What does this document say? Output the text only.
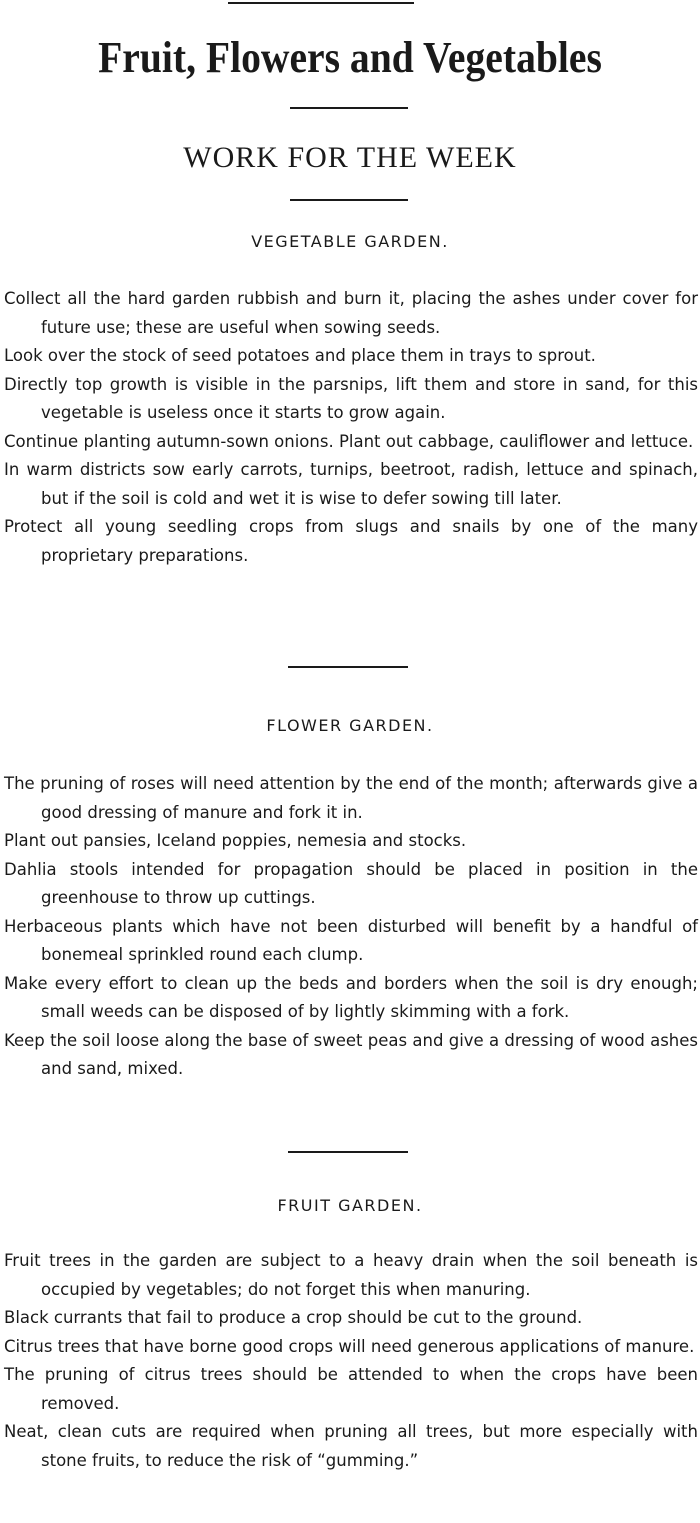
Fruit, Flowers and Vegetables
WORK FOR THE WEEK
VEGETABLE GARDEN.

Collect all the hard garden rubbish and burn it, placing the ashes under cover for future use; these are useful when sowing seeds.

Look over the stock of seed potatoes and place them in trays to sprout.

Directly top growth is visible in the parsnips, lift them and store in sand, for this vegetable is useless once it starts to grow again.

Continue planting autumn-sown onions. Plant out cabbage, cauliflower and lettuce.

In warm districts sow early carrots, turnips, beetroot, radish, lettuce and spinach, but if the soil is cold and wet it is wise to defer sowing till later.

Protect all young seedling crops from slugs and snails by one of the many proprietary preparations.

FLOWER GARDEN.

The pruning of roses will need attention by the end of the month; afterwards give a good dressing of manure and fork it in.

Plant out pansies, Iceland poppies, nemesia and stocks.

Dahlia stools intended for propagation should be placed in position in the greenhouse to throw up cuttings.

Herbaceous plants which have not been disturbed will benefit by a handful of bonemeal sprinkled round each clump.

Make every effort to clean up the beds and borders when the soil is dry enough; small weeds can be disposed of by lightly skimming with a fork.

Keep the soil loose along the base of sweet peas and give a dressing of wood ashes and sand, mixed.

FRUIT GARDEN.

Fruit trees in the garden are subject to a heavy drain when the soil beneath is occupied by vegetables; do not forget this when manuring.

Black currants that fail to produce a crop should be cut to the ground.

Citrus trees that have borne good crops will need generous applications of manure.

The pruning of citrus trees should be attended to when the crops have been removed.

Neat, clean cuts are required when pruning all trees, but more especially with stone fruits, to reduce the risk of “gumming.”
